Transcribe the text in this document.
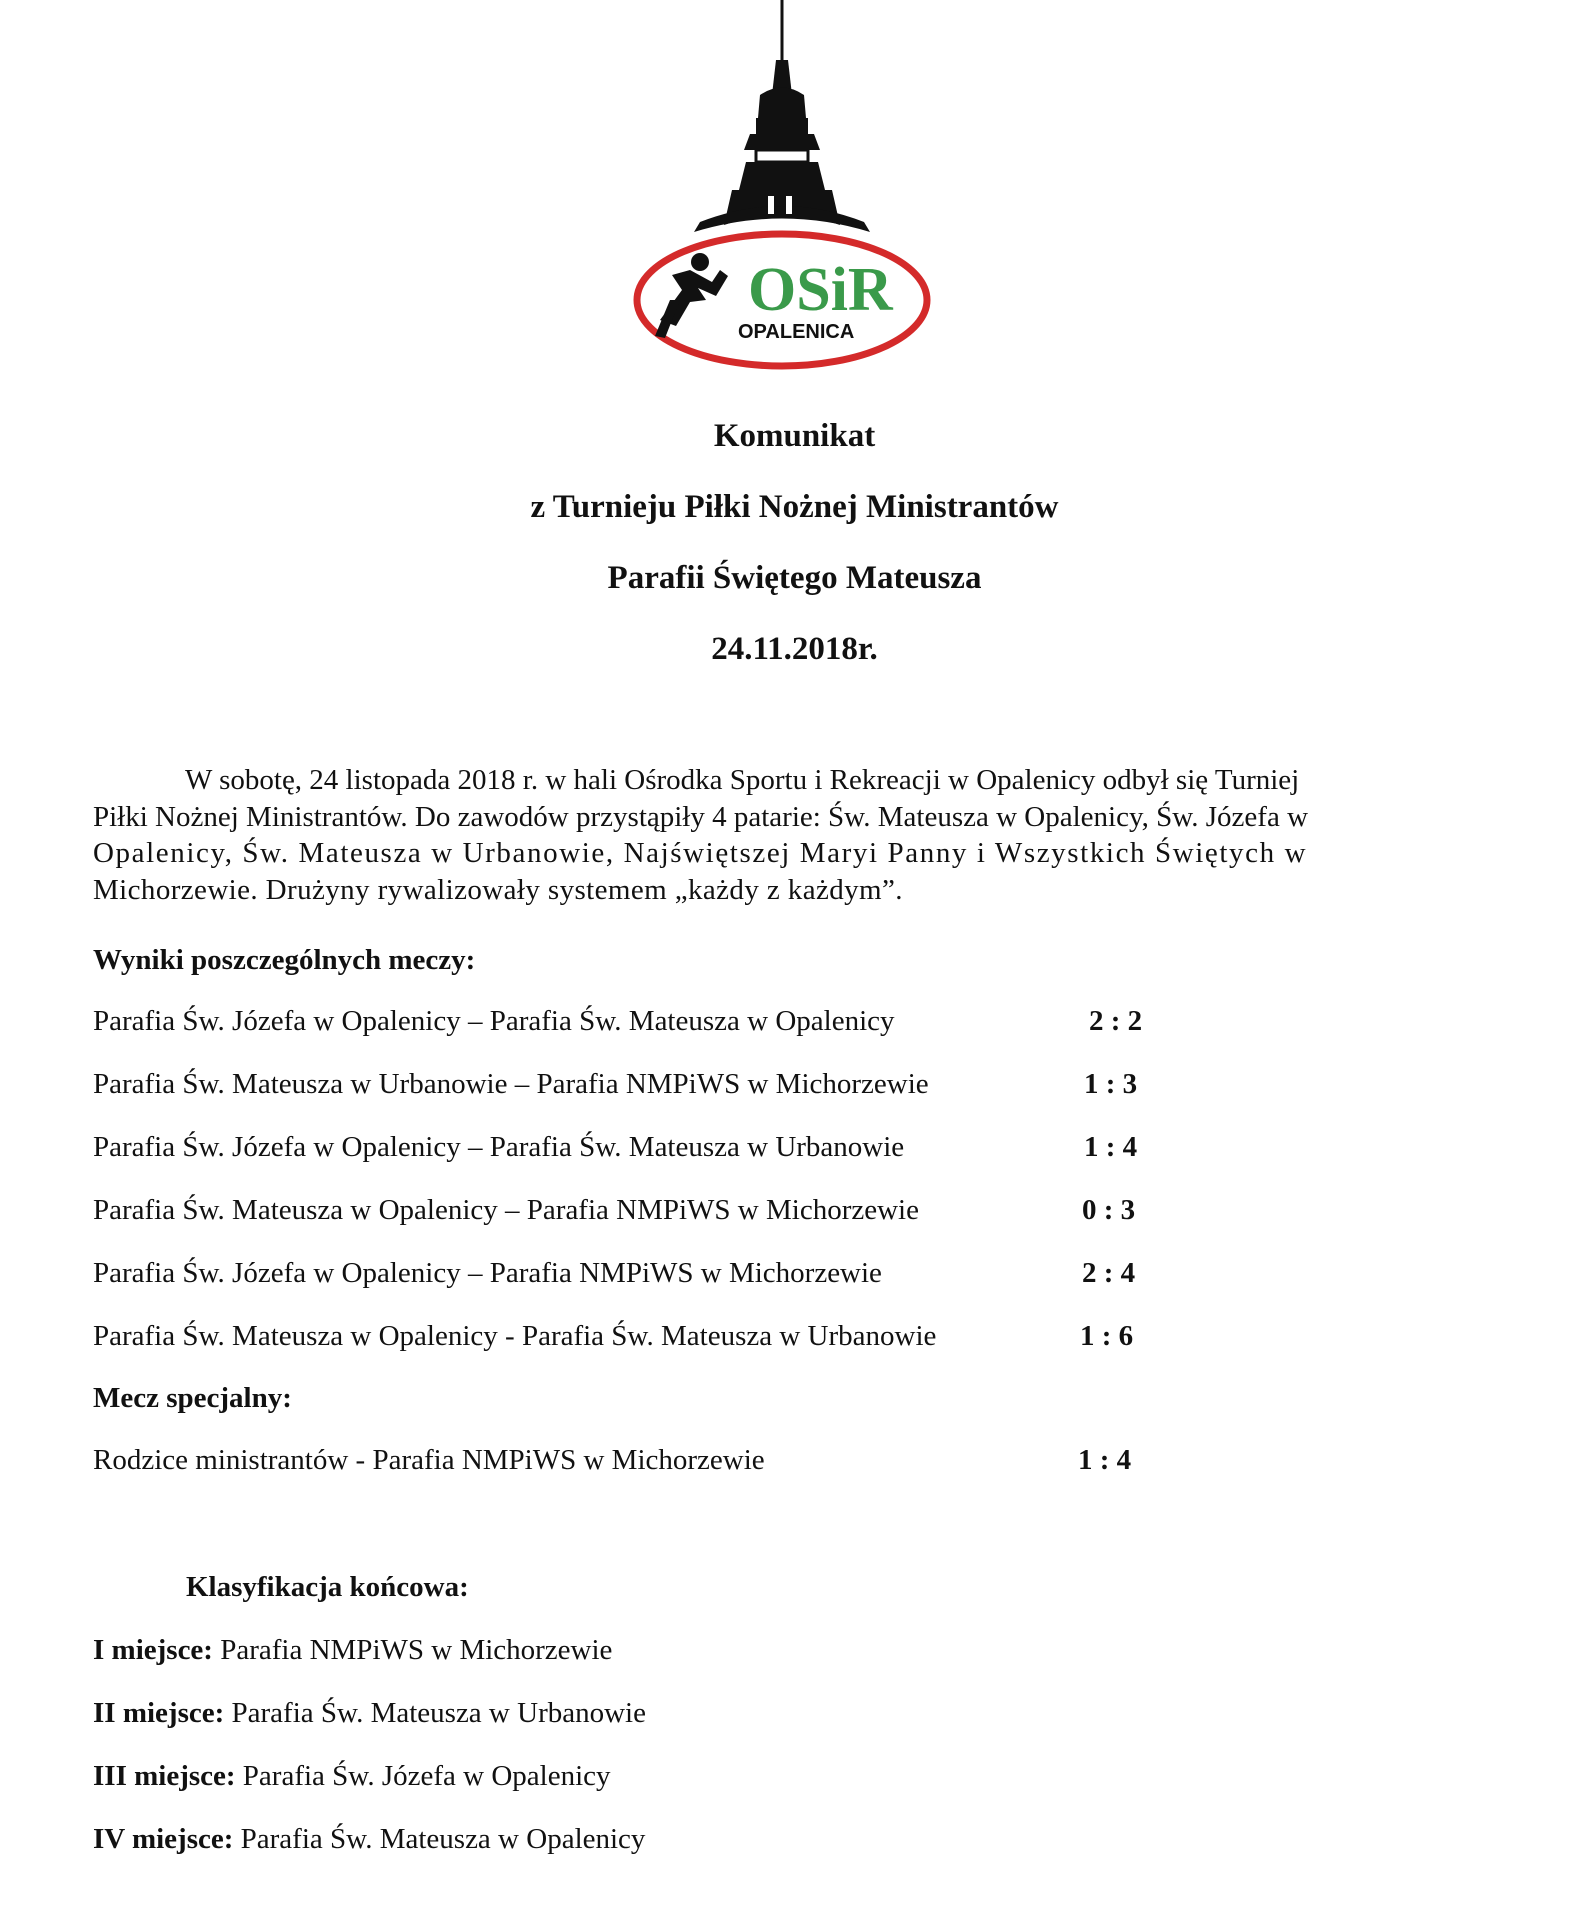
OSiR
OPALENICA
Komunikat
z Turnieju Piłki Nożnej Ministrantów
Parafii Świętego Mateusza
24.11.2018r.
W sobotę, 24 listopada 2018 r. w hali Ośrodka Sportu i Rekreacji w Opalenicy odbył się Turniej
Piłki Nożnej Ministrantów. Do zawodów przystąpiły 4 patarie: Św. Mateusza w Opalenicy, Św. Józefa w
Opalenicy, Św. Mateusza w Urbanowie, Najświętszej Maryi Panny i Wszystkich Świętych w
Michorzewie. Drużyny rywalizowały systemem „każdy z każdym”.
Wyniki poszczególnych meczy:
Parafia Św. Józefa w Opalenicy – Parafia Św. Mateusza w Opalenicy	2 : 2
Parafia Św. Mateusza w Urbanowie – Parafia NMPiWS w Michorzewie	1 : 3
Parafia Św. Józefa w Opalenicy – Parafia Św. Mateusza w Urbanowie	1 : 4
Parafia Św. Mateusza w Opalenicy – Parafia NMPiWS w Michorzewie	0 : 3
Parafia Św. Józefa w Opalenicy – Parafia NMPiWS w Michorzewie	2 : 4
Parafia Św. Mateusza w Opalenicy - Parafia Św. Mateusza w Urbanowie	1 : 6
Mecz specjalny:
Rodzice ministrantów - Parafia NMPiWS w Michorzewie	1 : 4
Klasyfikacja końcowa:
I miejsce: Parafia NMPiWS w Michorzewie
II miejsce: Parafia Św. Mateusza w Urbanowie
III miejsce: Parafia Św. Józefa w Opalenicy
IV miejsce: Parafia Św. Mateusza w Opalenicy
